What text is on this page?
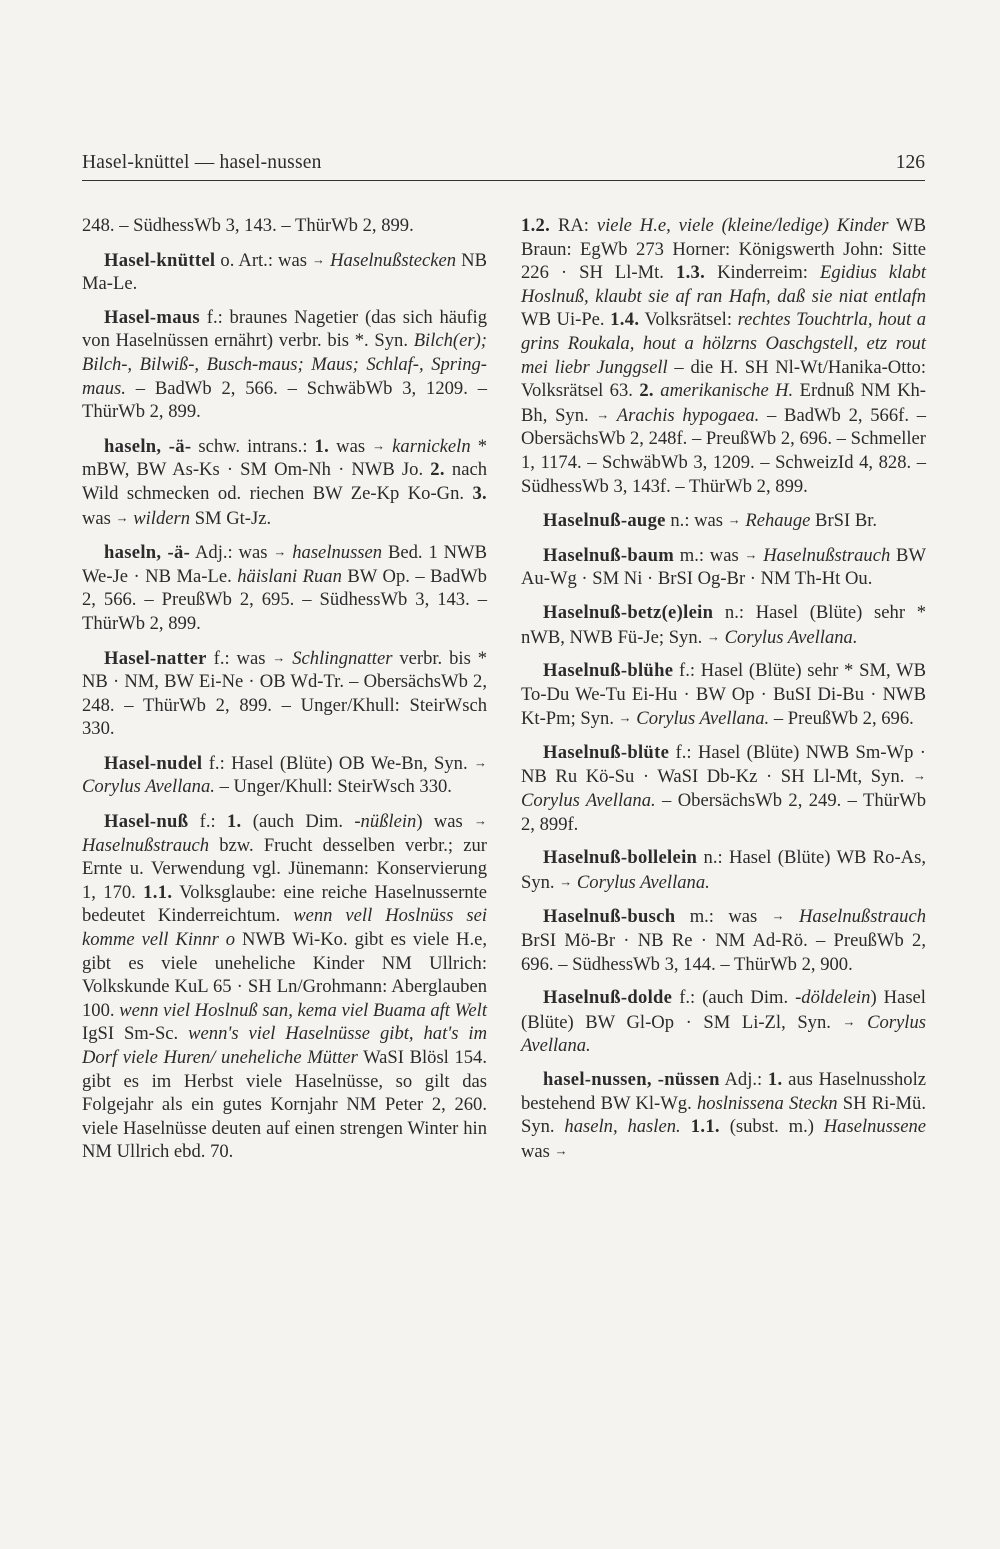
Hasel-knüttel — hasel-nussen	126

248. – SüdhessWb 3, 143. – ThürWb 2, 899.

Hasel-knüttel o. Art.: was → Haselnußstecken NB Ma-Le.

Hasel-maus f.: braunes Nagetier (das sich häufig von Haselnüssen ernährt) verbr. bis *. Syn. Bilch(er); Bilch-, Bilwiß-, Busch-maus; Maus; Schlaf-, Spring-maus. – BadWb 2, 566. – SchwäbWb 3, 1209. – ThürWb 2, 899.

haseln, -ä- schw. intrans.: 1. was → karnickeln * mBW, BW As-Ks · SM Om-Nh · NWB Jo. 2. nach Wild schmecken od. riechen BW Ze-Kp Ko-Gn. 3. was → wildern SM Gt-Jz.

haseln, -ä- Adj.: was → haselnussen Bed. 1 NWB We-Je · NB Ma-Le. häislani Ruan BW Op. – BadWb 2, 566. – PreußWb 2, 695. – SüdhessWb 3, 143. – ThürWb 2, 899.

Hasel-natter f.: was → Schlingnatter verbr. bis * NB · NM, BW Ei-Ne · OB Wd-Tr. – ObersächsWb 2, 248. – ThürWb 2, 899. – Unger/Khull: SteirWsch 330.

Hasel-nudel f.: Hasel (Blüte) OB We-Bn, Syn. → Corylus Avellana. – Unger/Khull: SteirWsch 330.

Hasel-nuß f.: 1. (auch Dim. -nüßlein) was → Haselnußstrauch bzw. Frucht desselben verbr.; zur Ernte u. Verwendung vgl. Jünemann: Konservierung 1, 170. 1.1. Volksglaube: eine reiche Haselnussernte bedeutet Kinderreichtum. wenn vell Hoslnüss sei komme vell Kinnr o NWB Wi-Ko. gibt es viele H.e, gibt es viele uneheliche Kinder NM Ullrich: Volkskunde KuL 65 · SH Ln/Grohmann: Aberglauben 100. wenn viel Hoslnuß san, kema viel Buama aft Welt IgSI Sm-Sc. wenn's viel Haselnüsse gibt, hat's im Dorf viele Huren/ uneheliche Mütter WaSI Blösl 154. gibt es im Herbst viele Haselnüsse, so gilt das Folgejahr als ein gutes Kornjahr NM Peter 2, 260. viele Haselnüsse deuten auf einen strengen Winter hin NM Ullrich ebd. 70.

1.2. RA: viele H.e, viele (kleine/ledige) Kinder WB Braun: EgWb 273 Horner: Königswerth John: Sitte 226 · SH Ll-Mt. 1.3. Kinderreim: Egidius klabt Hoslnuß, klaubt sie af ran Hafn, daß sie niat entlafn WB Ui-Pe. 1.4. Volksrätsel: rechtes Touchtrla, hout a grins Roukala, hout a hölzrns Oaschgstell, etz rout mei liebr Junggsell – die H. SH Nl-Wt/Hanika-Otto: Volksrätsel 63. 2. amerikanische H. Erdnuß NM Kh-Bh, Syn. → Arachis hypogaea. – BadWb 2, 566f. – ObersächsWb 2, 248f. – PreußWb 2, 696. – Schmeller 1, 1174. – SchwäbWb 3, 1209. – SchweizId 4, 828. – SüdhessWb 3, 143f. – ThürWb 2, 899.

Haselnuß-auge n.: was → Rehauge BrSI Br.

Haselnuß-baum m.: was → Haselnußstrauch BW Au-Wg · SM Ni · BrSI Og-Br · NM Th-Ht Ou.

Haselnuß-betz(e)lein n.: Hasel (Blüte) sehr * nWB, NWB Fü-Je; Syn. → Corylus Avellana.

Haselnuß-blühe f.: Hasel (Blüte) sehr * SM, WB To-Du We-Tu Ei-Hu · BW Op · BuSI Di-Bu · NWB Kt-Pm; Syn. → Corylus Avellana. – PreußWb 2, 696.

Haselnuß-blüte f.: Hasel (Blüte) NWB Sm-Wp · NB Ru Kö-Su · WaSI Db-Kz · SH Ll-Mt, Syn. → Corylus Avellana. – ObersächsWb 2, 249. – ThürWb 2, 899f.

Haselnuß-bollelein n.: Hasel (Blüte) WB Ro-As, Syn. → Corylus Avellana.

Haselnuß-busch m.: was → Haselnußstrauch BrSI Mö-Br · NB Re · NM Ad-Rö. – PreußWb 2, 696. – SüdhessWb 3, 144. – ThürWb 2, 900.

Haselnuß-dolde f.: (auch Dim. -döldelein) Hasel (Blüte) BW Gl-Op · SM Li-Zl, Syn. → Corylus Avellana.

hasel-nussen, -nüssen Adj.: 1. aus Haselnussholz bestehend BW Kl-Wg. hoslnissena Steckn SH Ri-Mü. Syn. haseln, haslen. 1.1. (subst. m.) Haselnussene was →
